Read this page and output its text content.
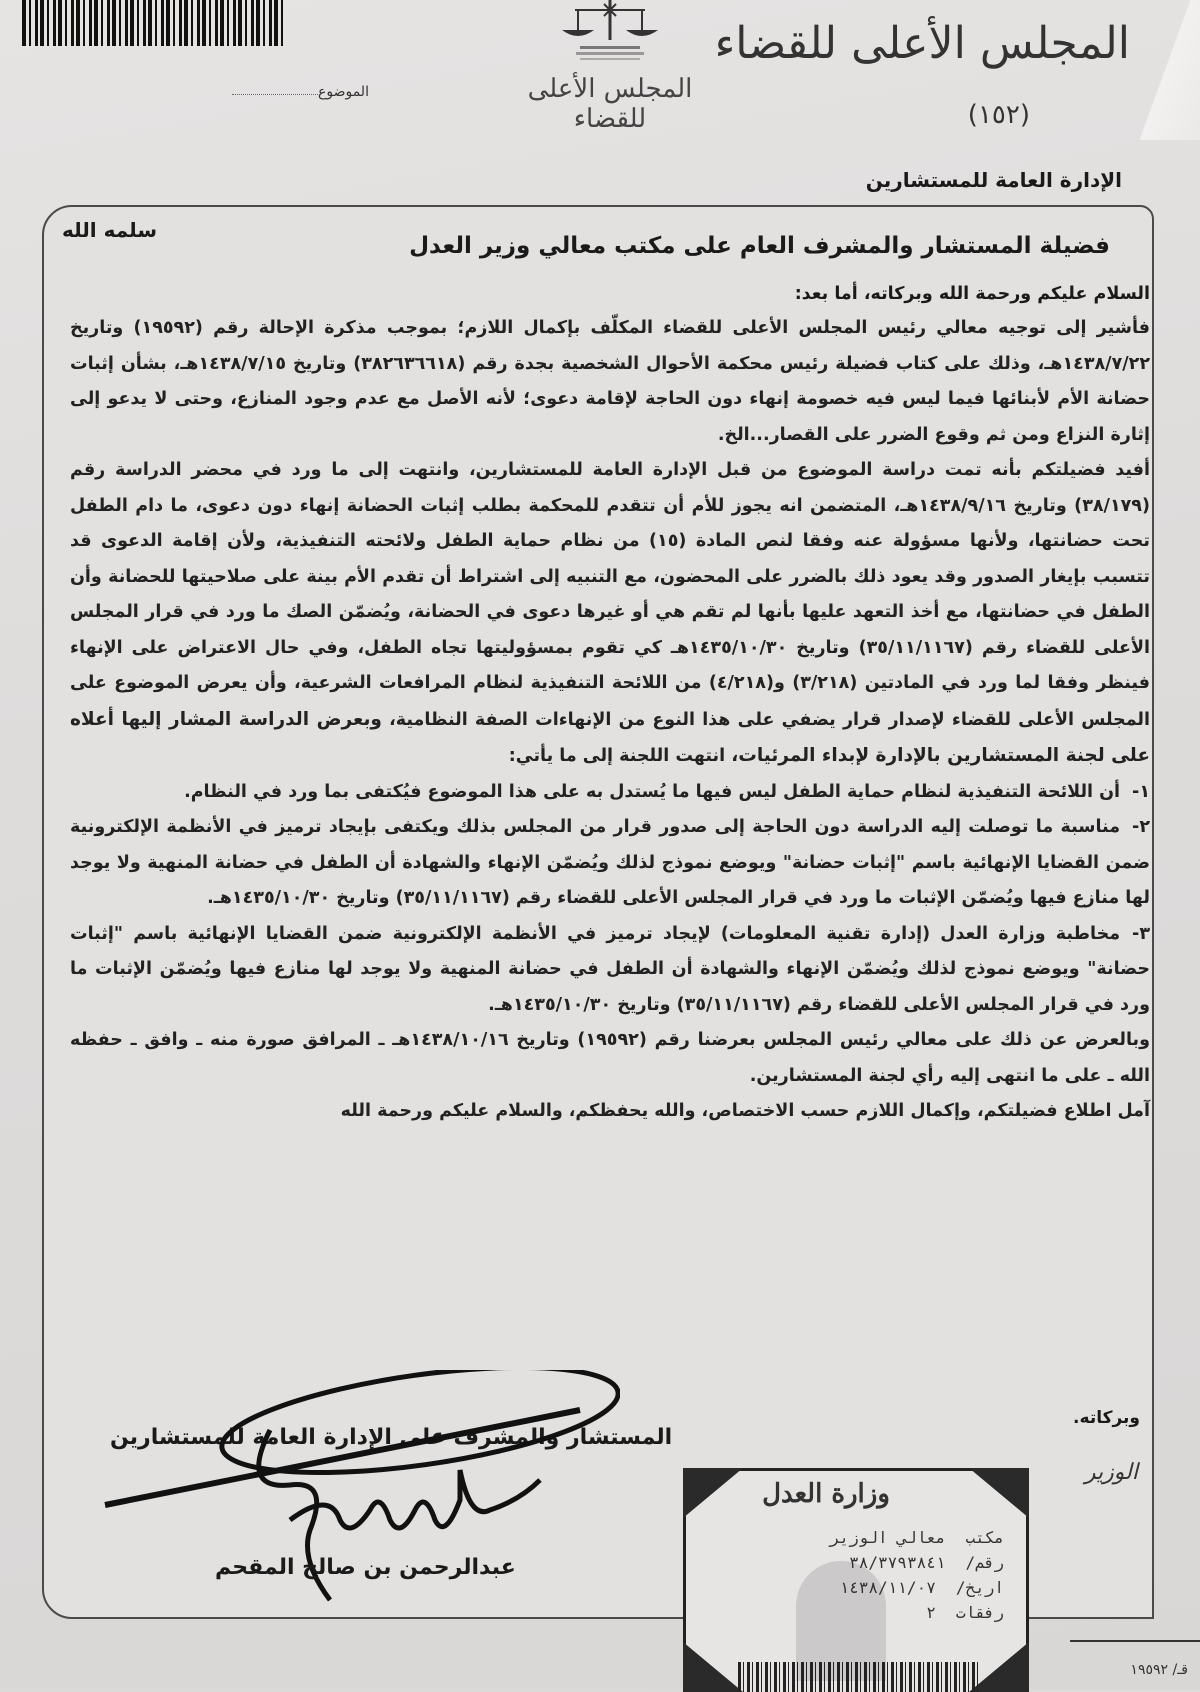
المجلس الأعلى للقضاء
الموضوع
المجلس الأعلى للقضاء
(١٥٢)
الإدارة العامة للمستشارين
سلمه الله
فضيلة المستشار والمشرف العام على مكتب معالي وزير العدل

السلام عليكم ورحمة الله وبركاته، أما بعد:

فأشير إلى توجيه معالي رئيس المجلس الأعلى للقضاء المكلّف بإكمال اللازم؛ بموجب مذكرة الإحالة رقم (١٩٥٩٢) وتاريخ ١٤٣٨/٧/٢٢هـ، وذلك على كتاب فضيلة رئيس محكمة الأحوال الشخصية بجدة رقم (٣٨٢٦٣٦٦١٨) وتاريخ ١٤٣٨/٧/١٥هـ، بشأن إثبات حضانة الأم لأبنائها فيما ليس فيه خصومة إنهاء دون الحاجة لإقامة دعوى؛ لأنه الأصل مع عدم وجود المنازع، وحتى لا يدعو إلى إثارة النزاع ومن ثم وقوع الضرر على القصار...الخ.

أفيد فضيلتكم بأنه تمت دراسة الموضوع من قبل الإدارة العامة للمستشارين، وانتهت إلى ما ورد في محضر الدراسة رقم (٣٨/١٧٩) وتاريخ ١٤٣٨/٩/١٦هـ، المتضمن انه يجوز للأم أن تتقدم للمحكمة بطلب إثبات الحضانة إنهاء دون دعوى، ما دام الطفل تحت حضانتها، ولأنها مسؤولة عنه وفقا لنص المادة (١٥) من نظام حماية الطفل ولائحته التنفيذية، ولأن إقامة الدعوى قد تتسبب بإيغار الصدور وقد يعود ذلك بالضرر على المحضون، مع التنبيه إلى اشتراط أن تقدم الأم بينة على صلاحيتها للحضانة وأن الطفل في حضانتها، مع أخذ التعهد عليها بأنها لم تقم هي أو غيرها دعوى في الحضانة، ويُضمّن الصك ما ورد في قرار المجلس الأعلى للقضاء رقم (٣٥/١١/١١٦٧) وتاريخ ١٤٣٥/١٠/٣٠هـ كي تقوم بمسؤوليتها تجاه الطفل، وفي حال الاعتراض على الإنهاء فينظر وفقا لما ورد في المادتين (٣/٢١٨) و(٤/٢١٨) من اللائحة التنفيذية لنظام المرافعات الشرعية، وأن يعرض الموضوع على المجلس الأعلى للقضاء لإصدار قرار يضفي على هذا النوع من الإنهاءات الصفة النظامية، وبعرض الدراسة المشار إليها أعلاه على لجنة المستشارين بالإدارة لإبداء المرئيات، انتهت اللجنة إلى ما يأتي:

١-أن اللائحة التنفيذية لنظام حماية الطفل ليس فيها ما يُستدل به على هذا الموضوع فيُكتفى بما ورد في النظام.

٢-مناسبة ما توصلت إليه الدراسة دون الحاجة إلى صدور قرار من المجلس بذلك ويكتفى بإيجاد ترميز في الأنظمة الإلكترونية ضمن القضايا الإنهائية باسم "إثبات حضانة" ويوضع نموذج لذلك ويُضمّن الإنهاء والشهادة أن الطفل في حضانة المنهية ولا يوجد لها منازع فيها ويُضمّن الإثبات ما ورد في قرار المجلس الأعلى للقضاء رقم (٣٥/١١/١١٦٧) وتاريخ ١٤٣٥/١٠/٣٠هـ.

٣-مخاطبة وزارة العدل (إدارة تقنية المعلومات) لإيجاد ترميز في الأنظمة الإلكترونية ضمن القضايا الإنهائية باسم "إثبات حضانة" ويوضع نموذج لذلك ويُضمّن الإنهاء والشهادة أن الطفل في حضانة المنهية ولا يوجد لها منازع فيها ويُضمّن الإثبات ما ورد في قرار المجلس الأعلى للقضاء رقم (٣٥/١١/١١٦٧) وتاريخ ١٤٣٥/١٠/٣٠هـ.

وبالعرض عن ذلك على معالي رئيس المجلس بعرضنا رقم (١٩٥٩٢) وتاريخ ١٤٣٨/١٠/١٦هـ ـ المرافق صورة منه ـ وافق ـ حفظه الله ـ على ما انتهى إليه رأي لجنة المستشارين.

آمل اطلاع فضيلتكم، وإكمال اللازم حسب الاختصاص، والله يحفظكم، والسلام عليكم ورحمة الله

وبركاته.
الوزير
المستشار والمشرف على الإدارة العامة للمستشارين
عبدالرحمن بن صالح المقحم
وزارة العدل
مكتب
معالي الوزير
رقم/
٣٨/٣٧٩٣٨٤١
اريخ/
١٤٣٨/١١/٠٧
رفقات
٢
قـ/ ١٩٥٩٢
